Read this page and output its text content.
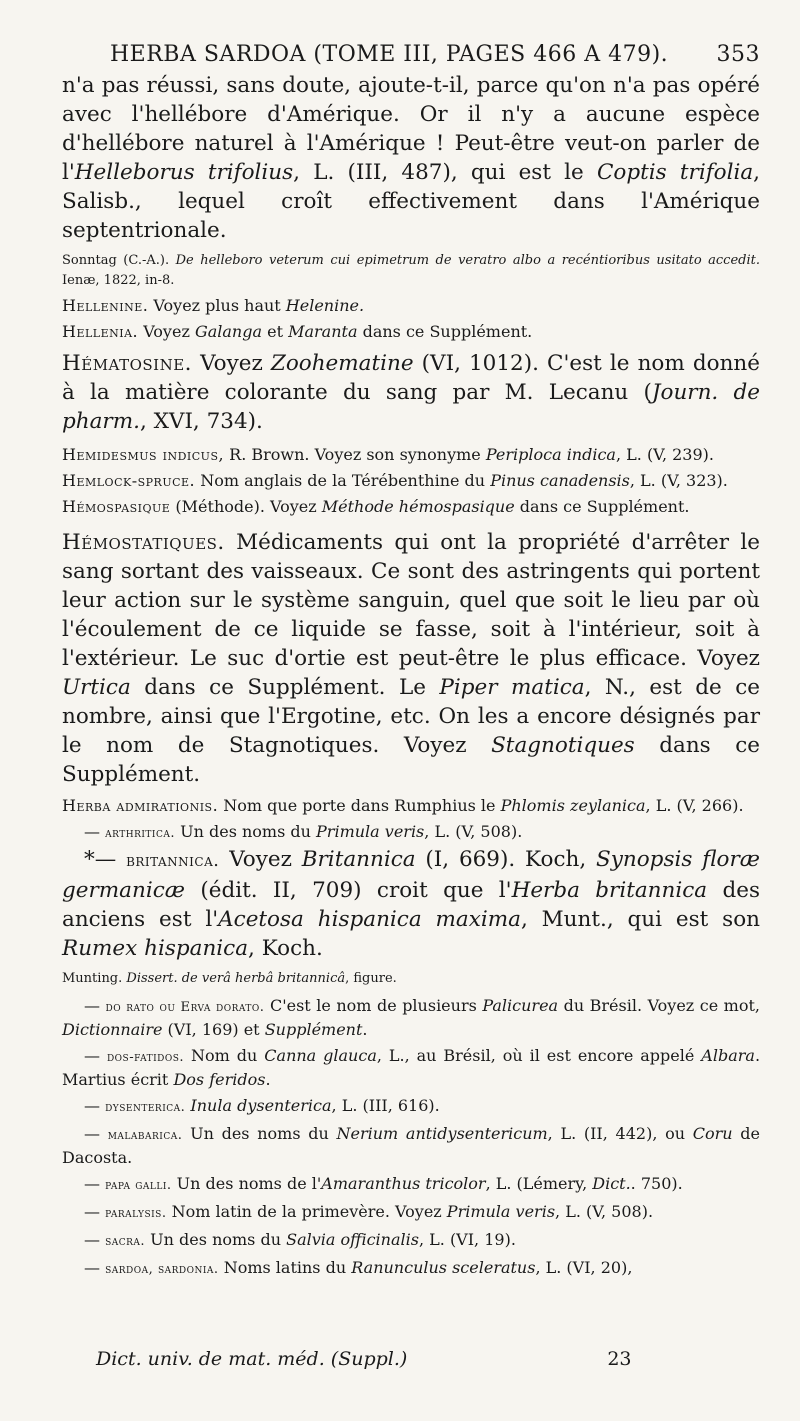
HERBA SARDOA (TOME III, PAGES 466 A 479). 353

n'a pas réussi, sans doute, ajoute-t-il, parce qu'on n'a pas opéré avec l'hellébore d'Amérique. Or il n'y a aucune espèce d'hellébore naturel à l'Amérique ! Peut-être veut-on parler de l'Helleborus trifolius, L. (III, 487), qui est le Coptis trifolia, Salisb., lequel croît effectivement dans l'Amérique septentrionale.

Sonntag (C.-A.). De helleboro veterum cui epimetrum de veratro albo a recéntioribus usitato accedit. Ienæ, 1822, in-8.

Hellenine. Voyez plus haut Helenine.

Hellenia. Voyez Galanga et Maranta dans ce Supplément.

Hématosine. Voyez Zoohematine (VI, 1012). C'est le nom donné à la matière colorante du sang par M. Lecanu (Journ. de pharm., XVI, 734).

Hemidesmus indicus, R. Brown. Voyez son synonyme Periploca indica, L. (V, 239).

Hemlock-spruce. Nom anglais de la Térébenthine du Pinus canadensis, L. (V, 323).

Hémospasique (Méthode). Voyez Méthode hémospasique dans ce Supplément.

Hémostatiques. Médicaments qui ont la propriété d'arrêter le sang sortant des vaisseaux. Ce sont des astringents qui portent leur action sur le système sanguin, quel que soit le lieu par où l'écoulement de ce liquide se fasse, soit à l'intérieur, soit à l'extérieur. Le suc d'ortie est peut-être le plus efficace. Voyez Urtica dans ce Supplément. Le Piper matica, N., est de ce nombre, ainsi que l'Ergotine, etc. On les a encore désignés par le nom de Stagnotiques. Voyez Stagnotiques dans ce Supplément.

Herba admirationis. Nom que porte dans Rumphius le Phlomis zeylanica, L. (V, 266).

— arthritica. Un des noms du Primula veris, L. (V, 508).

*— britannica. Voyez Britannica (I, 669). Koch, Synopsis floræ germanicæ (édit. II, 709) croit que l'Herba britannica des anciens est l'Acetosa hispanica maxima, Munt., qui est son Rumex hispanica, Koch.

Munting. Dissert. de verâ herbâ britannicâ, figure.

— do rato ou Erva dorato. C'est le nom de plusieurs Palicurea du Brésil. Voyez ce mot, Dictionnaire (VI, 169) et Supplément.

— dos-fatidos. Nom du Canna glauca, L., au Brésil, où il est encore appelé Albara. Martius écrit Dos feridos.

— dysenterica. Inula dysenterica, L. (III, 616).

— malabarica. Un des noms du Nerium antidysentericum, L. (II, 442), ou Coru de Dacosta.

— papa galli. Un des noms de l'Amaranthus tricolor, L. (Lémery, Dict.. 750).

— paralysis. Nom latin de la primevère. Voyez Primula veris, L. (V, 508).

— sacra. Un des noms du Salvia officinalis, L. (VI, 19).

— sardoa, sardonia. Noms latins du Ranunculus sceleratus, L. (VI, 20),

Dict. univ. de mat. méd. (Suppl.)	23
